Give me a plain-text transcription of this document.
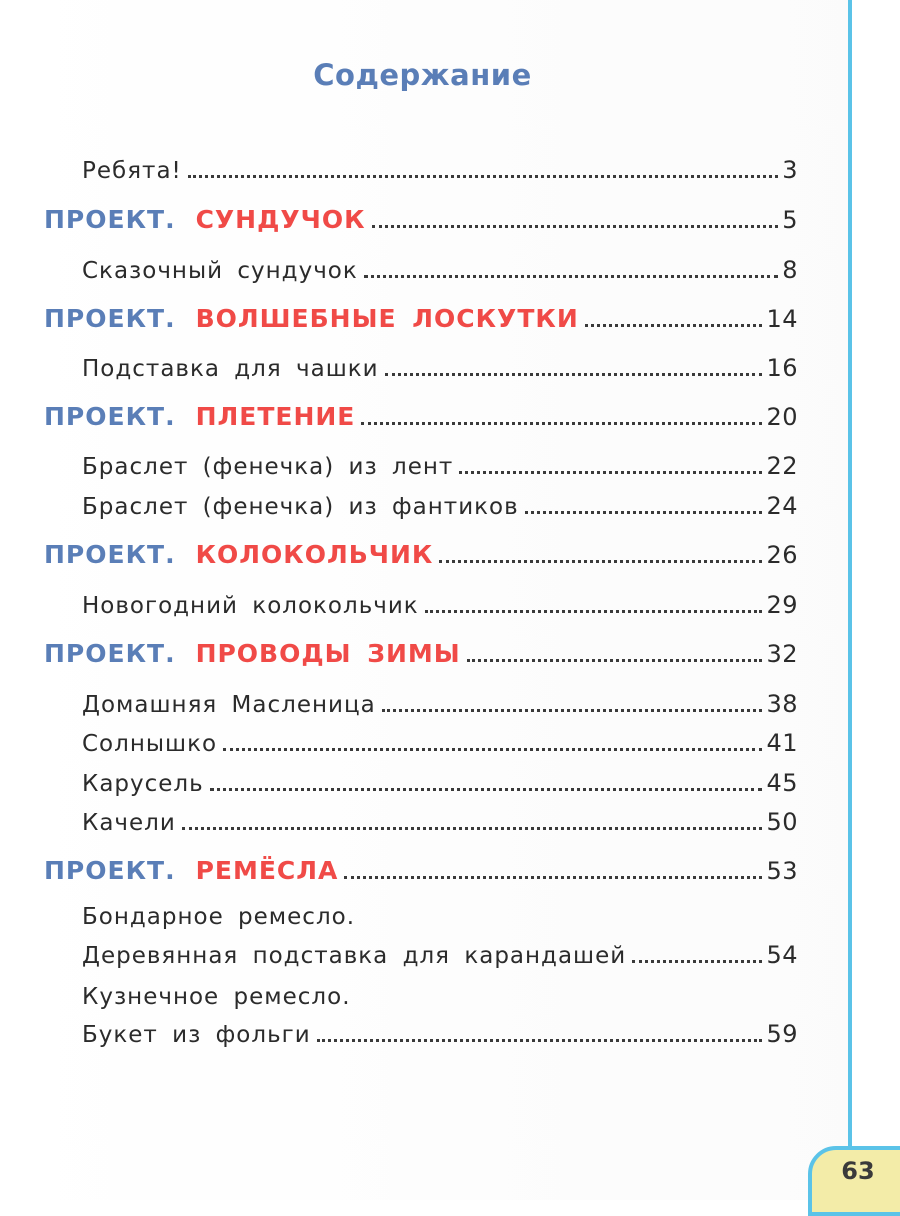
63
Содержание
Ребята!	3
ПРОЕКТ. СУНДУЧОК	5
Сказочный сундучок	8
ПРОЕКТ. ВОЛШЕБНЫЕ ЛОСКУТКИ	14
Подставка для чашки	16
ПРОЕКТ. ПЛЕТЕНИЕ	20
Браслет (фенечка) из лент	22
Браслет (фенечка) из фантиков	24
ПРОЕКТ. КОЛОКОЛЬЧИК	26
Новогодний колокольчик	29
ПРОЕКТ. ПРОВОДЫ ЗИМЫ	32
Домашняя Масленица	38
Солнышко	41
Карусель	45
Качели	50
ПРОЕКТ. РЕМЁСЛА	53
Бондарное ремесло.
Деревянная подставка для карандашей	54
Кузнечное ремесло.
Букет из фольги	59
